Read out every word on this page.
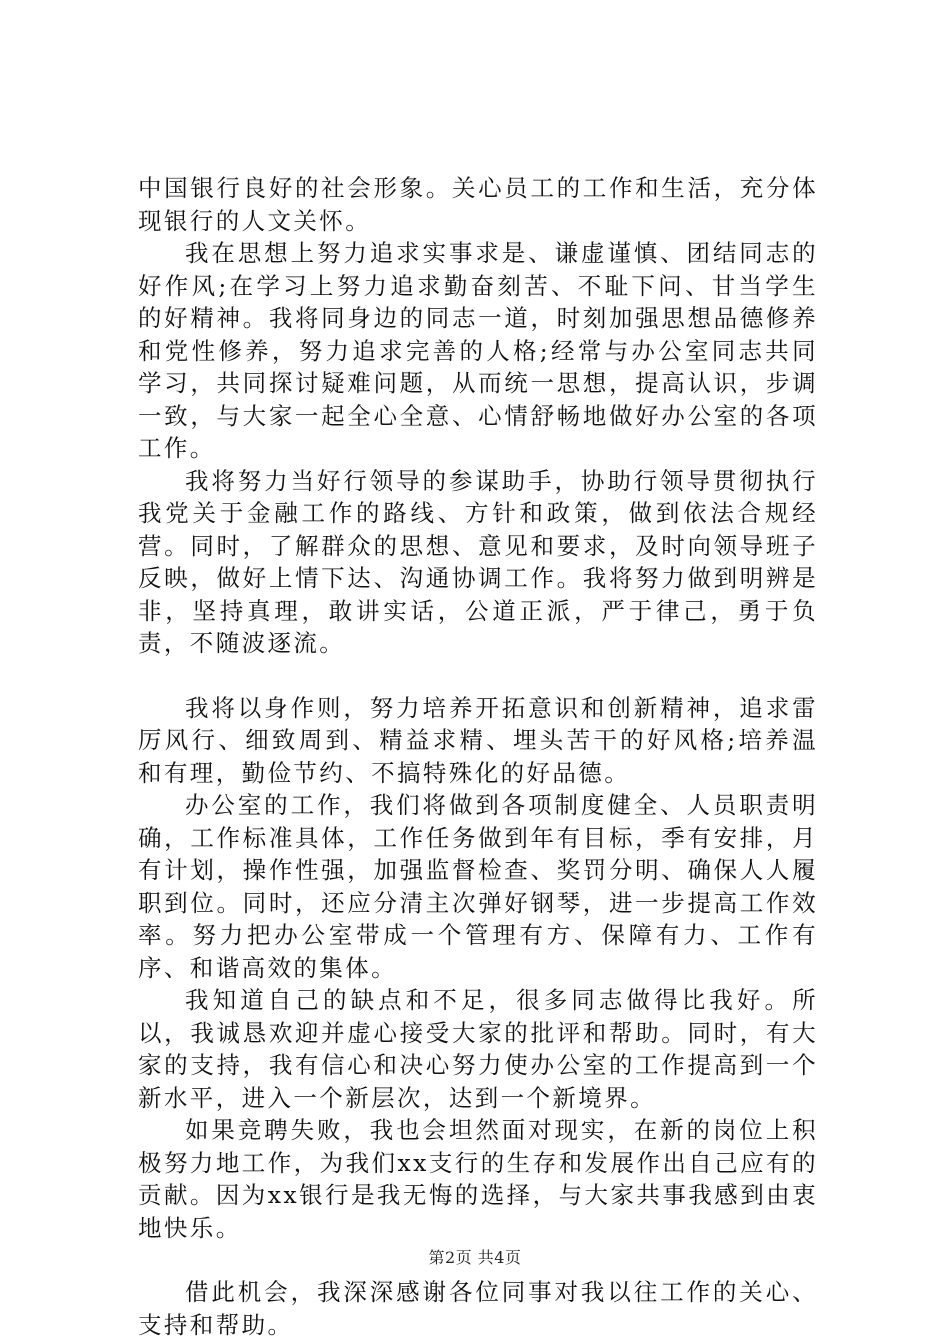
中国银行良好的社会形象。关心员工的工作和生活，充分体现银行的人文关怀。

我在思想上努力追求实事求是、谦虚谨慎、团结同志的好作风;在学习上努力追求勤奋刻苦、不耻下问、甘当学生的好精神。我将同身边的同志一道，时刻加强思想品德修养和党性修养，努力追求完善的人格;经常与办公室同志共同学习，共同探讨疑难问题，从而统一思想，提高认识，步调一致，与大家一起全心全意、心情舒畅地做好办公室的各项工作。

我将努力当好行领导的参谋助手，协助行领导贯彻执行我党关于金融工作的路线、方针和政策，做到依法合规经营。同时，了解群众的思想、意见和要求，及时向领导班子反映，做好上情下达、沟通协调工作。我将努力做到明辨是非，坚持真理，敢讲实话，公道正派，严于律己，勇于负责，不随波逐流。

我将以身作则，努力培养开拓意识和创新精神，追求雷厉风行、细致周到、精益求精、埋头苦干的好风格;培养温和有理，勤俭节约、不搞特殊化的好品德。

办公室的工作，我们将做到各项制度健全、人员职责明确，工作标准具体，工作任务做到年有目标，季有安排，月有计划，操作性强，加强监督检查、奖罚分明、确保人人履职到位。同时，还应分清主次弹好钢琴，进一步提高工作效率。努力把办公室带成一个管理有方、保障有力、工作有序、和谐高效的集体。

我知道自己的缺点和不足，很多同志做得比我好。所以，我诚恳欢迎并虚心接受大家的批评和帮助。同时，有大家的支持，我有信心和决心努力使办公室的工作提高到一个新水平，进入一个新层次，达到一个新境界。

如果竞聘失败，我也会坦然面对现实，在新的岗位上积极努力地工作，为我们xx支行的生存和发展作出自己应有的贡献。因为xx银行是我无悔的选择，与大家共事我感到由衷地快乐。

借此机会，我深深感谢各位同事对我以往工作的关心、支持和帮助。

第2页 共4页
